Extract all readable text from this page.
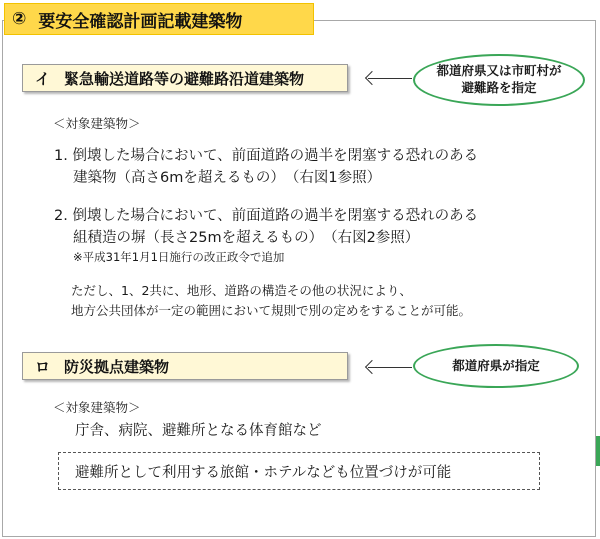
② 要安全確認計画記載建築物
イ 緊急輸送道路等の避難路沿道建築物	都道府県又は市町村が
避難路を指定
＜対象建築物＞
1. 倒壊した場合において、前面道路の過半を閉塞する恐れのある
建築物（高さ6mを超えるもの）　（右図1参照）
2. 倒壊した場合において、前面道路の過半を閉塞する恐れのある
組積造の塀（長さ25mを超えるもの）　（右図2参照）
※平成31年1月1日施行の改正政令で追加
ただし、1、2共に、地形、道路の構造その他の状況により、
地方公共団体が一定の範囲において規則で別の定めをすることが可能。
ロ 防災拠点建築物	都道府県が指定
＜対象建築物＞
庁舎、病院、避難所となる体育館など
避難所として利用する旅館・ホテルなども位置づけが可能
